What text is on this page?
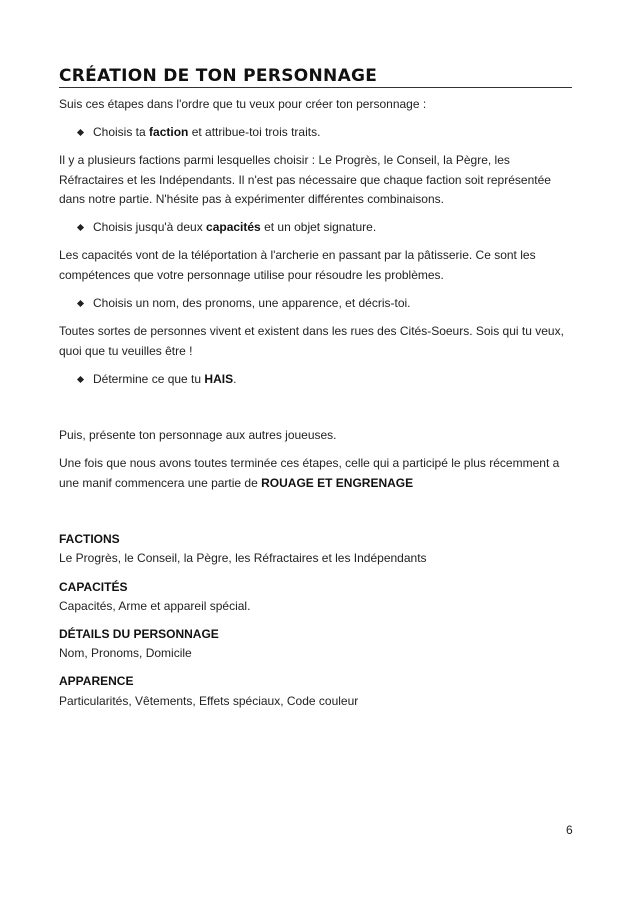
CRÉATION DE TON PERSONNAGE
Suis ces étapes dans l'ordre que tu veux pour créer ton personnage :
Choisis ta faction et attribue-toi trois traits.
Il y a plusieurs factions parmi lesquelles choisir : Le Progrès, le Conseil, la Pègre, les Réfractaires et les Indépendants. Il n'est pas nécessaire que chaque faction soit représentée dans notre partie. N'hésite pas à expérimenter différentes combinaisons.
Choisis jusqu'à deux capacités et un objet signature.
Les capacités vont de la téléportation à l'archerie en passant par la pâtisserie. Ce sont les compétences que votre personnage utilise pour résoudre les problèmes.
Choisis un nom, des pronoms, une apparence, et décris-toi.
Toutes sortes de personnes vivent et existent dans les rues des Cités-Soeurs. Sois qui tu veux, quoi que tu veuilles être !
Détermine ce que tu HAIS.
Puis, présente ton personnage aux autres joueuses.
Une fois que nous avons toutes terminée ces étapes, celle qui a participé le plus récemment a une manif commencera une partie de ROUAGE ET ENGRENAGE
FACTIONS
Le Progrès, le Conseil, la Pègre, les Réfractaires et les Indépendants
CAPACITÉS
Capacités, Arme et appareil spécial.
DÉTAILS DU PERSONNAGE
Nom, Pronoms, Domicile
APPARENCE
Particularités, Vêtements, Effets spéciaux, Code couleur
6
